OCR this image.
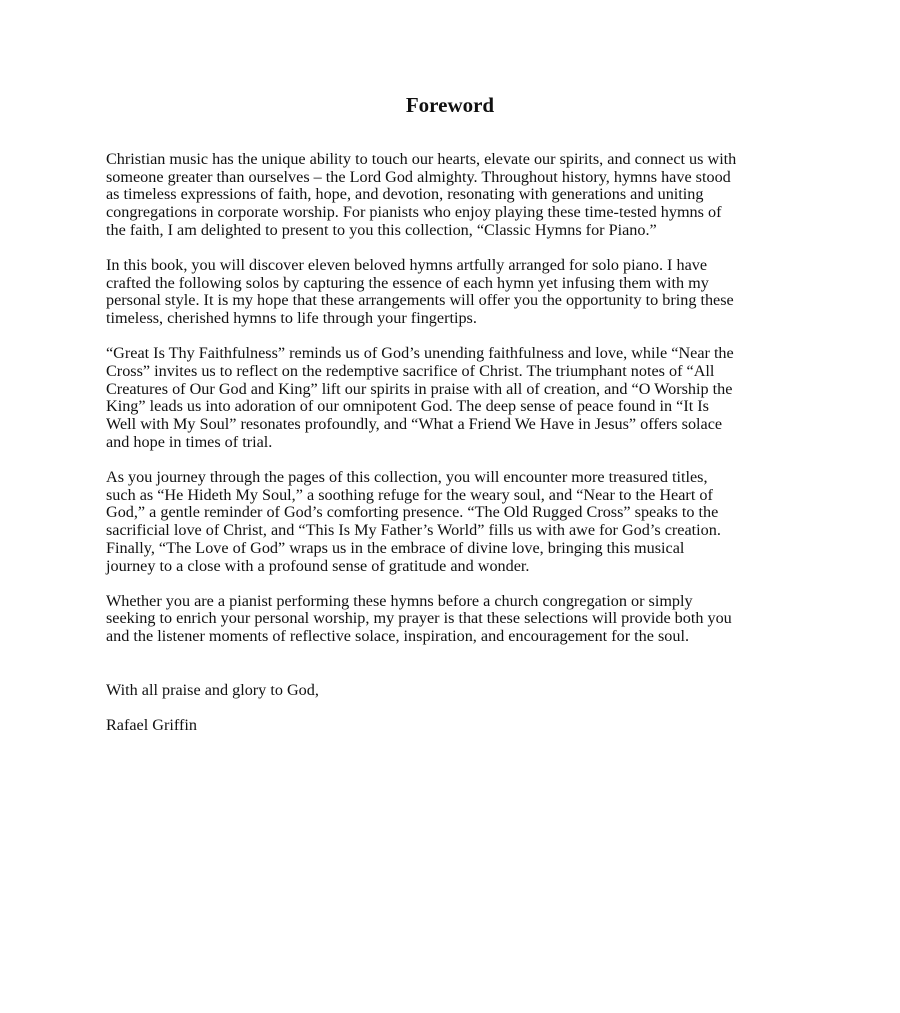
Foreword

Christian music has the unique ability to touch our hearts, elevate our spirits, and connect us with
someone greater than ourselves – the Lord God almighty. Throughout history, hymns have stood
as timeless expressions of faith, hope, and devotion, resonating with generations and uniting
congregations in corporate worship. For pianists who enjoy playing these time-tested hymns of
the faith, I am delighted to present to you this collection, “Classic Hymns for Piano.”

In this book, you will discover eleven beloved hymns artfully arranged for solo piano. I have
crafted the following solos by capturing the essence of each hymn yet infusing them with my
personal style. It is my hope that these arrangements will offer you the opportunity to bring these
timeless, cherished hymns to life through your fingertips.

“Great Is Thy Faithfulness” reminds us of God’s unending faithfulness and love, while “Near the
Cross” invites us to reflect on the redemptive sacrifice of Christ. The triumphant notes of “All
Creatures of Our God and King” lift our spirits in praise with all of creation, and “O Worship the
King” leads us into adoration of our omnipotent God. The deep sense of peace found in “It Is
Well with My Soul” resonates profoundly, and “What a Friend We Have in Jesus” offers solace
and hope in times of trial.

As you journey through the pages of this collection, you will encounter more treasured titles,
such as “He Hideth My Soul,” a soothing refuge for the weary soul, and “Near to the Heart of
God,” a gentle reminder of God’s comforting presence. “The Old Rugged Cross” speaks to the
sacrificial love of Christ, and “This Is My Father’s World” fills us with awe for God’s creation.
Finally, “The Love of God” wraps us in the embrace of divine love, bringing this musical
journey to a close with a profound sense of gratitude and wonder.

Whether you are a pianist performing these hymns before a church congregation or simply
seeking to enrich your personal worship, my prayer is that these selections will provide both you
and the listener moments of reflective solace, inspiration, and encouragement for the soul.

With all praise and glory to God,

Rafael Griffin
